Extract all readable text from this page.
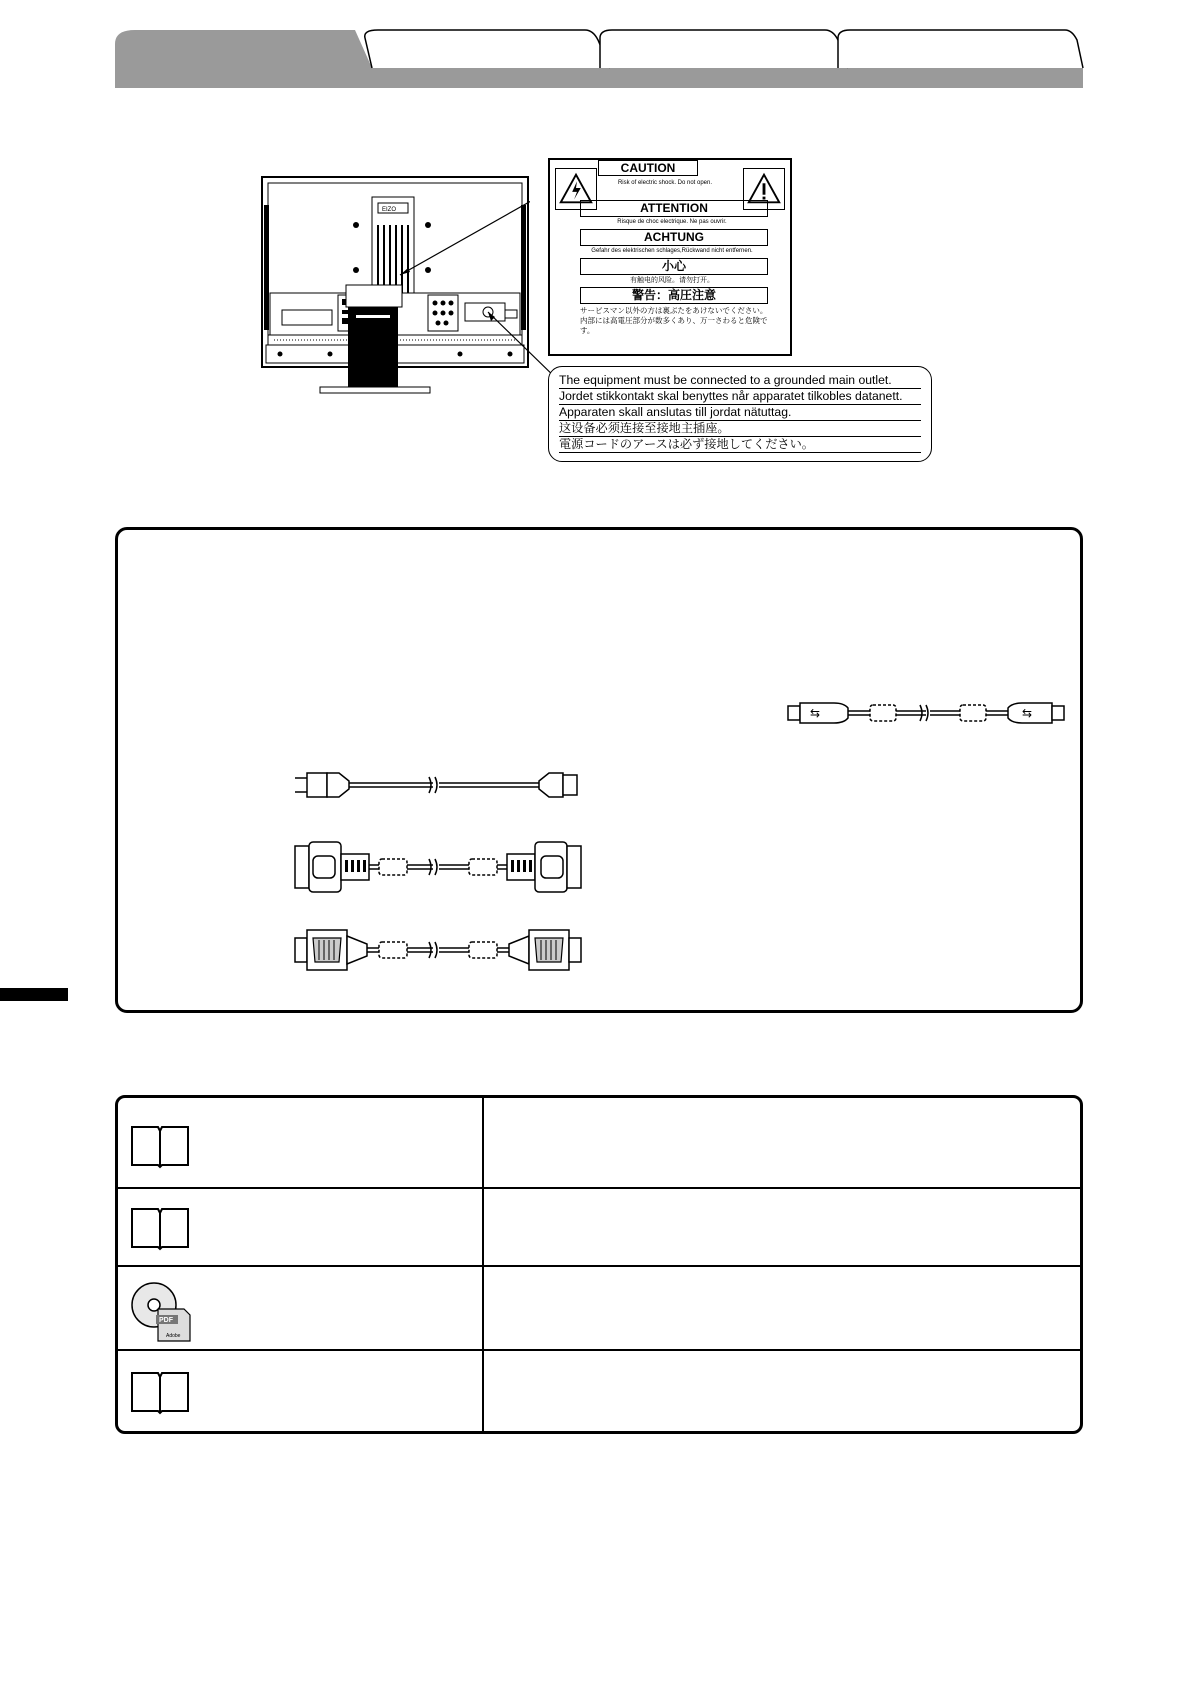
EIZO
CAUTION
Risk of electric shock. Do not open.
ATTENTION
Risque de choc electrique. Ne pas ouvrir.
ACHTUNG
Gefahr des elektrischen schlages,Rückwand nicht entfernen.
小心
有触电的风险。请勿打开。
警告：高圧注意
サービスマン以外の方は裏ぶたをあけないでください。内部には高電圧部分が数多くあり、万一さわると危険です。
The equipment must be connected to a grounded main outlet.
Jordet stikkontakt skal benyttes når apparatet tilkobles datanett.
Apparaten skall anslutas till jordat nätuttag.
这设备必须连接至接地主插座。
電源コードのアースは必ず接地してください。
⇆	⇆
PDF
Adobe
